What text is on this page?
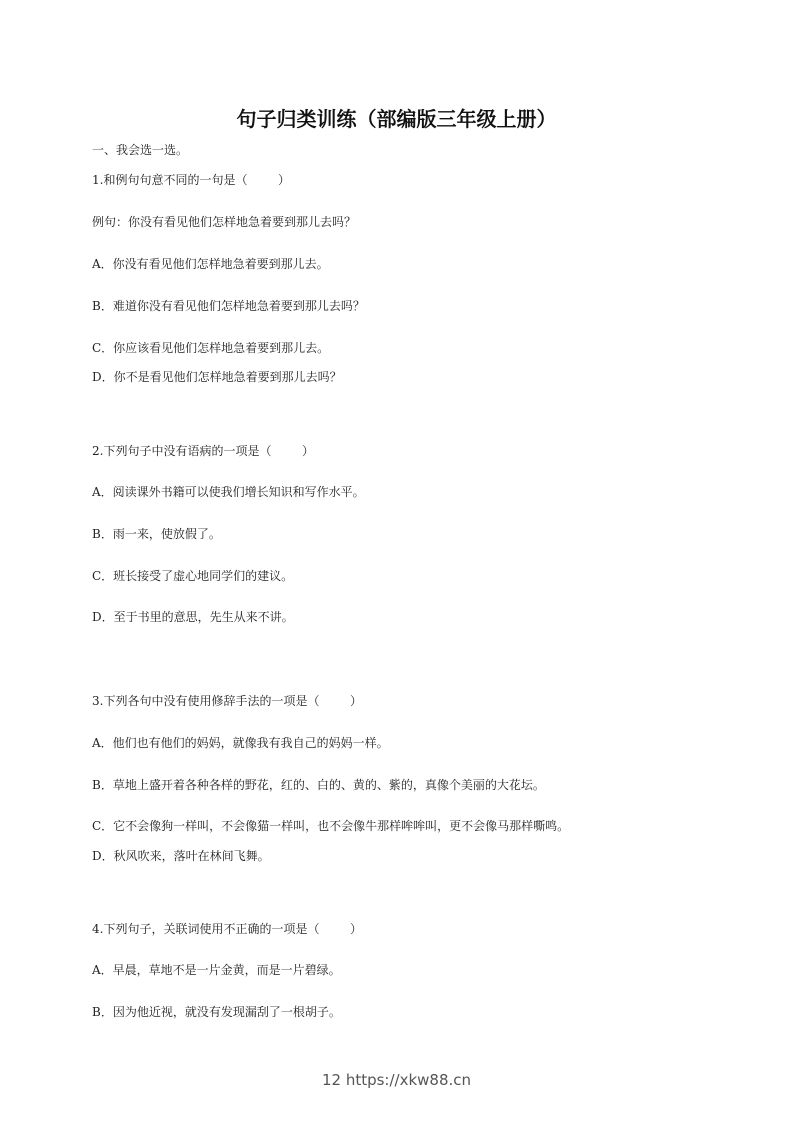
句子归类训练（部编版三年级上册）
一、我会选一选。
1.和例句句意不同的一句是（        ）
例句：你没有看见他们怎样地急着要到那儿去吗？
A．你没有看见他们怎样地急着要到那儿去。
B．难道你没有看见他们怎样地急着要到那儿去吗？
C．你应该看见他们怎样地急着要到那儿去。
D．你不是看见他们怎样地急着要到那儿去吗？
2.下列句子中没有语病的一项是（        ）
A．阅读课外书籍可以使我们增长知识和写作水平。
B．雨一来，使放假了。
C．班长接受了虚心地同学们的建议。
D．至于书里的意思，先生从来不讲。
3.下列各句中没有使用修辞手法的一项是（        ）
A．他们也有他们的妈妈，就像我有我自己的妈妈一样。
B．草地上盛开着各种各样的野花，红的、白的、黄的、紫的，真像个美丽的大花坛。
C．它不会像狗一样叫，不会像猫一样叫，也不会像牛那样哞哞叫，更不会像马那样嘶鸣。
D．秋风吹来，落叶在林间飞舞。
4.下列句子，关联词使用不正确的一项是（        ）
A．早晨，草地不是一片金黄，而是一片碧绿。
B．因为他近视，就没有发现漏刮了一根胡子。
12 https://xkw88.cn
